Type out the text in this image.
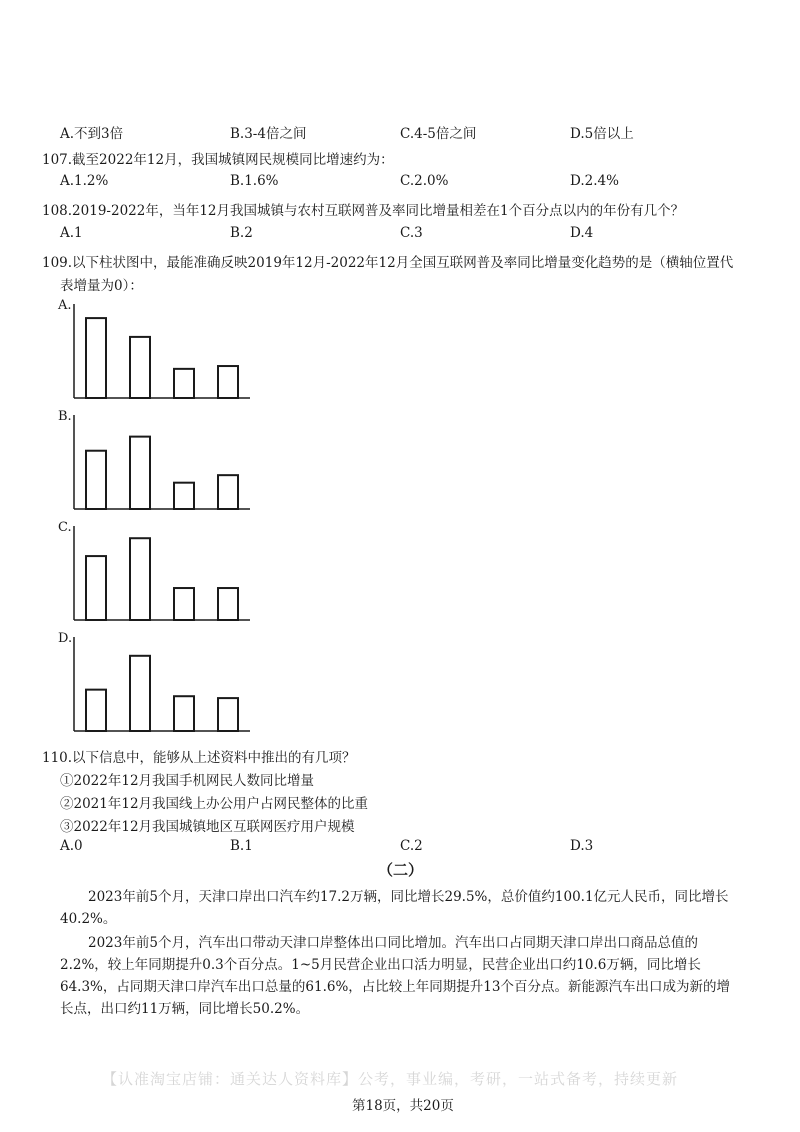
A.不到3倍	B.3-4倍之间	C.4-5倍之间	D.5倍以上
107.截至2022年12月，我国城镇网民规模同比增速约为：
A.1.2%	B.1.6%	C.2.0%	D.2.4%
108.2019-2022年，当年12月我国城镇与农村互联网普及率同比增量相差在1个百分点以内的年份有几个？
A.1	B.2	C.3	D.4
109.以下柱状图中，最能准确反映2019年12月-2022年12月全国互联网普及率同比增量变化趋势的是（横轴位置代
表增量为0）：
A.
B.
C.
D.
110.以下信息中，能够从上述资料中推出的有几项？
①2022年12月我国手机网民人数同比增量
②2021年12月我国线上办公用户占网民整体的比重
③2022年12月我国城镇地区互联网医疗用户规模
A.0	B.1	C.2	D.3
（二）
2023年前5个月，天津口岸出口汽车约17.2万辆，同比增长29.5%，总价值约100.1亿元人民币，同比增长40.2%。
2023年前5个月，汽车出口带动天津口岸整体出口同比增加。汽车出口占同期天津口岸出口商品总值的2.2%，较上年同期提升0.3个百分点。1~5月民营企业出口活力明显，民营企业出口约10.6万辆，同比增长64.3%，占同期天津口岸汽车出口总量的61.6%，占比较上年同期提升13个百分点。新能源汽车出口成为新的增长点，出口约11万辆，同比增长50.2%。
【认准淘宝店铺：通关达人资料库】公考，事业编，考研，一站式备考，持续更新
第18页，共20页
